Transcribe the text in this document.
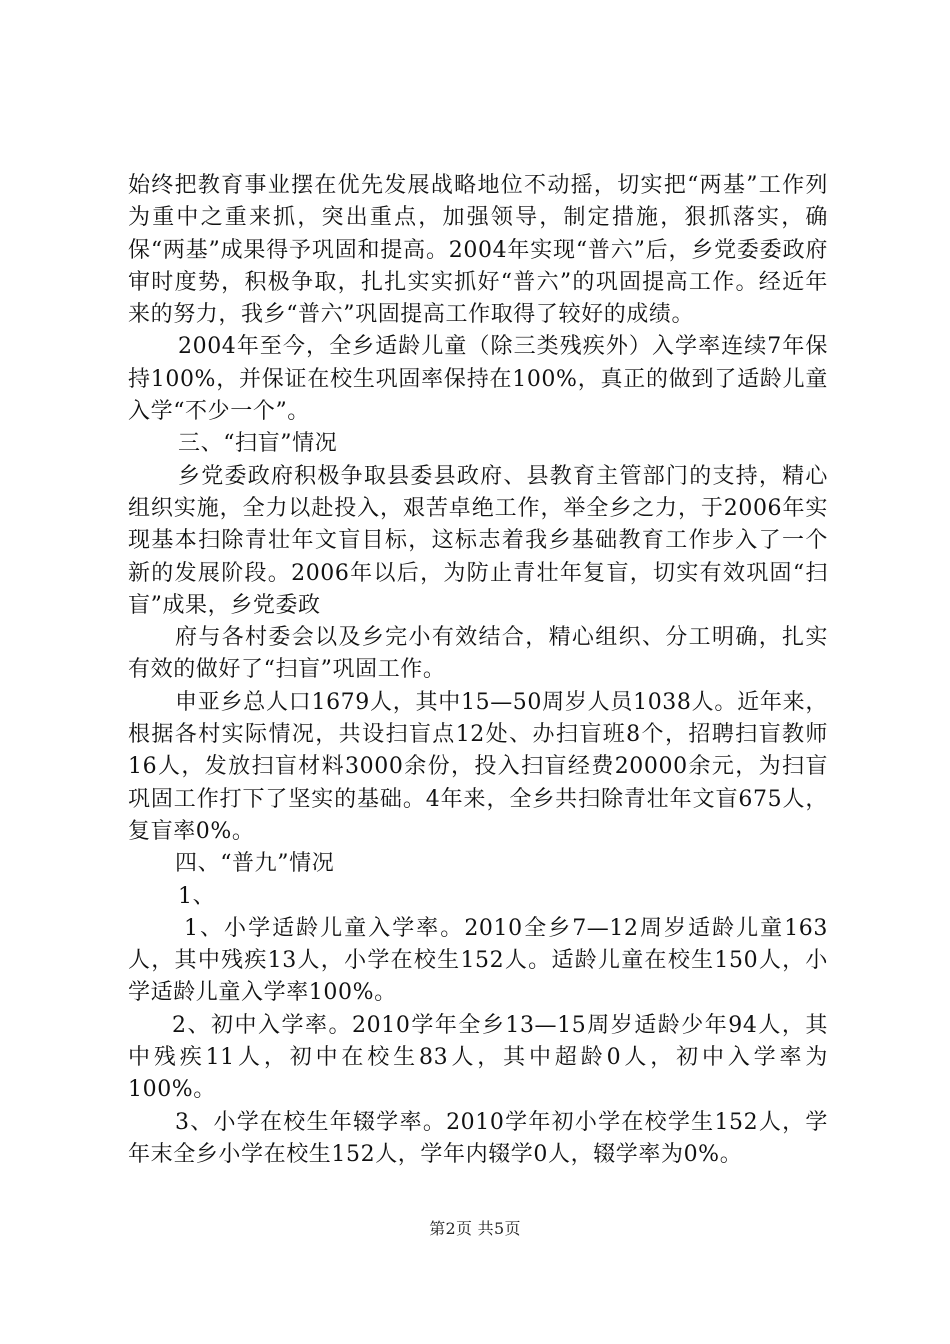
始终把教育事业摆在优先发展战略地位不动摇，切实把“两基”工作列为重中之重来抓，突出重点，加强领导，制定措施，狠抓落实，确保“两基”成果得予巩固和提高。2004年实现“普六”后，乡党委委政府审时度势，积极争取，扎扎实实抓好“普六”的巩固提高工作。经近年来的努力，我乡“普六”巩固提高工作取得了较好的成绩。

2004年至今，全乡适龄儿童（除三类残疾外）入学率连续7年保持100%，并保证在校生巩固率保持在100%，真正的做到了适龄儿童入学“不少一个”。

三、“扫盲”情况

乡党委政府积极争取县委县政府、县教育主管部门的支持，精心组织实施，全力以赴投入，艰苦卓绝工作，举全乡之力，于2006年实现基本扫除青壮年文盲目标，这标志着我乡基础教育工作步入了一个新的发展阶段。2006年以后，为防止青壮年复盲，切实有效巩固“扫盲”成果，乡党委政

府与各村委会以及乡完小有效结合，精心组织、分工明确，扎实有效的做好了“扫盲”巩固工作。

申亚乡总人口1679人，其中15—50周岁人员1038人。近年来，根据各村实际情况，共设扫盲点12处、办扫盲班8个，招聘扫盲教师16人，发放扫盲材料3000余份，投入扫盲经费20000余元，为扫盲巩固工作打下了坚实的基础。4年来，全乡共扫除青壮年文盲675人，复盲率0%。

四、“普九”情况

1、

1、小学适龄儿童入学率。2010全乡7—12周岁适龄儿童163人，其中残疾13人，小学在校生152人。适龄儿童在校生150人，小学适龄儿童入学率100%。

2、初中入学率。2010学年全乡13—15周岁适龄少年94人，其中残疾11人，初中在校生83人，其中超龄0人，初中入学率为100%。

3、小学在校生年辍学率。2010学年初小学在校学生152人，学年末全乡小学在校生152人，学年内辍学0人，辍学率为0%。

第2页 共5页
